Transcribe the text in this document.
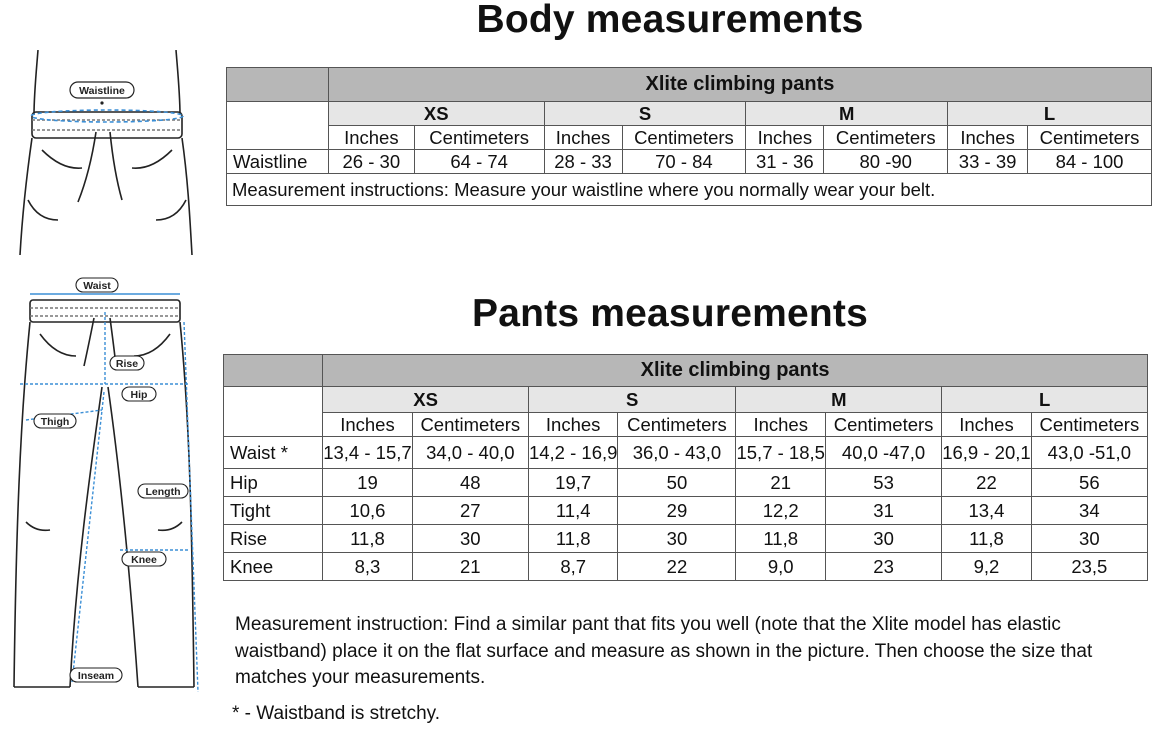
Body measurements
Pants measurements
Waistline
Waist
Rise
Hip
Thigh
Length
Knee
Inseam
	Xlite climbing pants							
	XS		S		M		L	
	Inches	Centimeters	Inches	Centimeters	Inches	Centimeters	Inches	Centimeters
Waistline	26 - 30	64 - 74	28 - 33	70 - 84	31 - 36	80 -90	33 - 39	84 - 100
Measurement instructions: Measure your waistline where you normally wear your belt.								
	Xlite climbing pants							
	XS		S		M		L	
	Inches	Centimeters	Inches	Centimeters	Inches	Centimeters	Inches	Centimeters
Waist *	13,4 - 15,7	34,0 - 40,0	14,2 - 16,9	36,0 - 43,0	15,7 - 18,5	40,0 -47,0	16,9 - 20,1	43,0 -51,0
Hip	19	48	19,7	50	21	53	22	56
Tight	10,6	27	11,4	29	12,2	31	13,4	34
Rise	11,8	30	11,8	30	11,8	30	11,8	30
Knee	8,3	21	8,7	22	9,0	23	9,2	23,5
Measurement instruction: Find a similar pant that fits you well (note that the Xlite model has elastic
waistband) place it on the flat surface and measure as shown in the picture. Then choose the size that
matches your measurements.
* - Waistband is stretchy.
